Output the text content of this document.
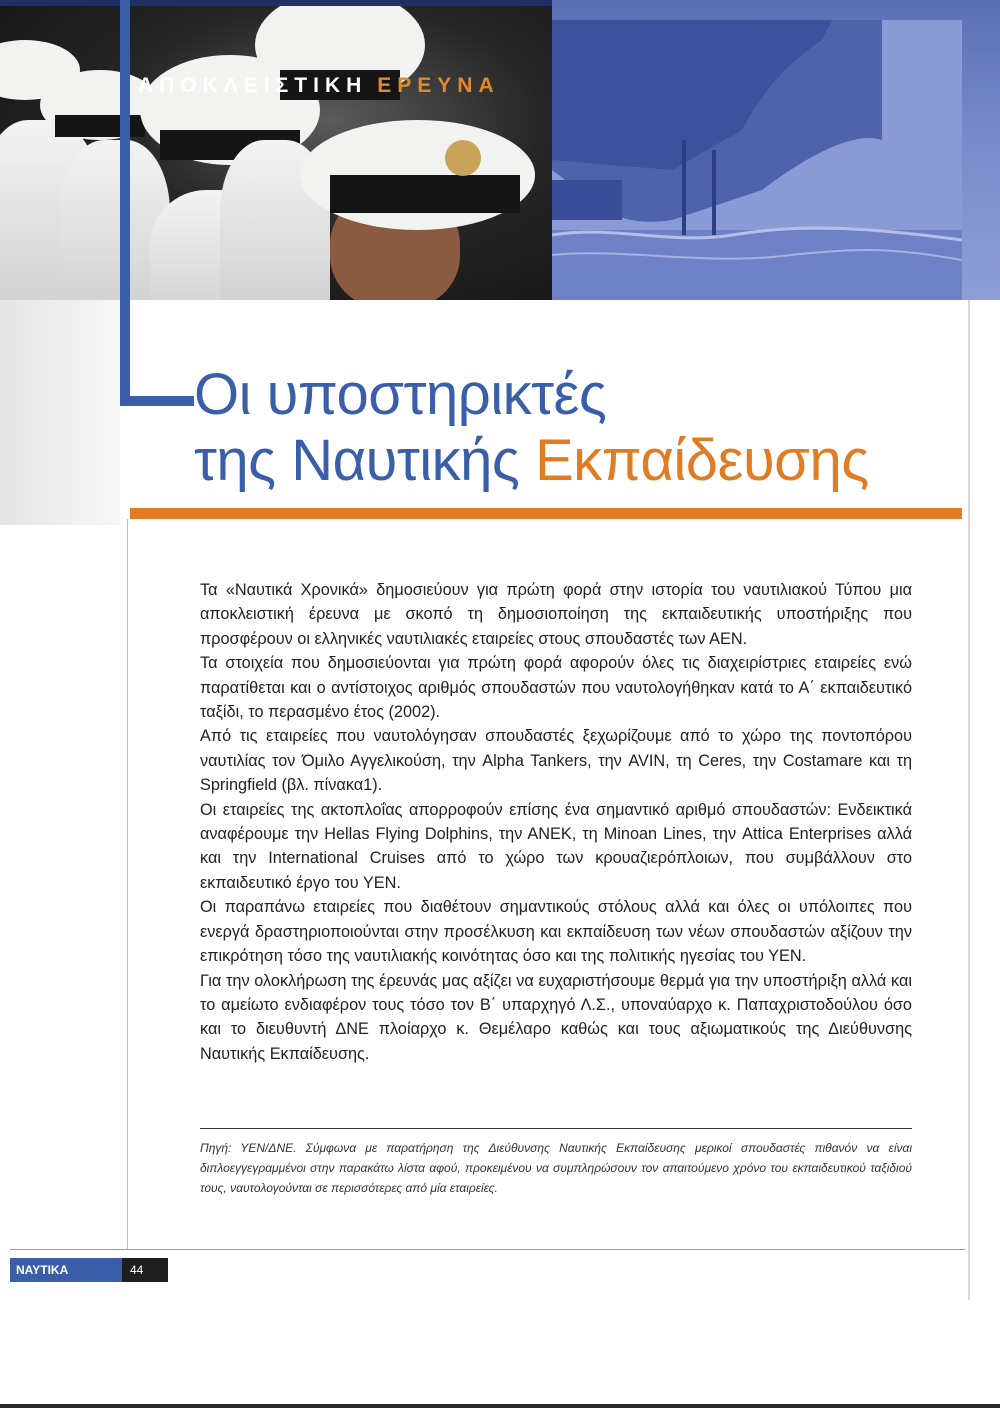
ΑΠΟΚΛΕΙΣΤΙΚΗ ΕΡΕΥΝΑ
Οι υποστηρικτές
της Ναυτικής Εκπαίδευσης

Τα «Ναυτικά Χρονικά» δημοσιεύουν για πρώτη φορά στην ιστορία του ναυτιλιακού Τύπου μια αποκλειστική έρευνα με σκοπό τη δημοσιοποίηση της εκπαιδευτικής υποστήριξης που προσφέρουν οι ελληνικές ναυτιλιακές εταιρείες στους σπουδαστές των ΑΕΝ.

Τα στοιχεία που δημοσιεύονται για πρώτη φορά αφορούν όλες τις διαχειρίστριες εταιρείες ενώ παρατίθεται και ο αντίστοιχος αριθμός σπουδαστών που ναυτολογήθηκαν κατά το Α΄ εκπαιδευτικό ταξίδι, το περασμένο έτος (2002).

Από τις εταιρείες που ναυτολόγησαν σπουδαστές ξεχωρίζουμε από το χώρο της ποντοπόρου ναυτιλίας τον Όμιλο Αγγελικούση, την Alpha Tankers, την AVIN, τη Ceres, την Costamare και τη Springfield (βλ. πίνακα1).

Οι εταιρείες της ακτοπλοΐας απορροφούν επίσης ένα σημαντικό αριθμό σπουδαστών: Ενδεικτικά αναφέρουμε την Hellas Flying Dolphins, την ΑΝΕΚ, τη Minoan Lines, την Attica Enterprises αλλά και την International Cruises από το χώρο των κρουαζιερόπλοιων, που συμβάλλουν στο εκπαιδευτικό έργο του ΥΕΝ.

Οι παραπάνω εταιρείες που διαθέτουν σημαντικούς στόλους αλλά και όλες οι υπόλοιπες που ενεργά δραστηριοποιούνται στην προσέλκυση και εκπαίδευση των νέων σπουδαστών αξίζουν την επικρότηση τόσο της ναυτιλιακής κοινότητας όσο και της πολιτικής ηγεσίας του ΥΕΝ.

Για την ολοκλήρωση της έρευνάς μας αξίζει να ευχαριστήσουμε θερμά για την υποστήριξη αλλά και το αμείωτο ενδιαφέρον τους τόσο τον Β΄ υπαρχηγό Λ.Σ., υποναύαρχο κ. Παπαχριστοδούλου όσο και το διευθυντή ΔΝΕ πλοίαρχο κ. Θεμέλαρο καθώς και τους αξιωματικούς της Διεύθυνσης Ναυτικής Εκπαίδευσης.

Πηγή: ΥΕΝ/ΔΝΕ. Σύμφωνα με παρατήρηση της Διεύθυνσης Ναυτικής Εκπαίδευσης μερικοί σπουδαστές πιθανόν να είναι διπλοεγγεγραμμένοι στην παρακάτω λίστα αφού, προκειμένου να συμπληρώσουν τον απαιτούμενο χρόνο του εκπαιδευτικού ταξιδιού τους, ναυτολογούνται σε περισσότερες από μία εταιρείες.

ΝΑΥΤΙΚΑ ΧΡΟΝΙΚΑ
44
